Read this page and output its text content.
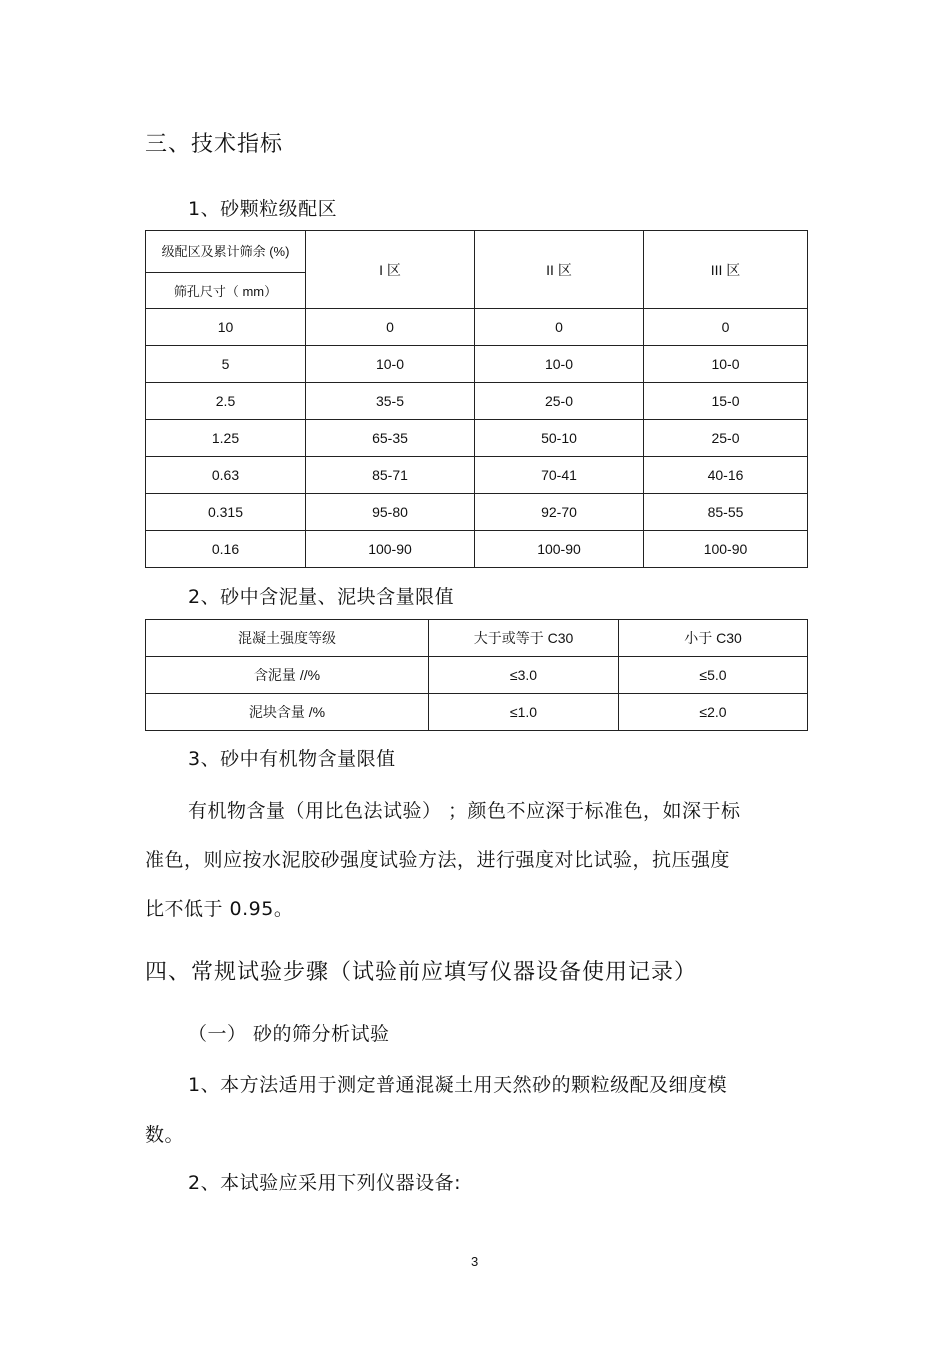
三、技术指标
1、砂颗粒级配区
级配区及累计筛余 (%)	I 区	II 区	III 区
筛孔尺寸（ mm）			
10	0	0	0
5	10-0	10-0	10-0
2.5	35-5	25-0	15-0
1.25	65-35	50-10	25-0
0.63	85-71	70-41	40-16
0.315	95-80	92-70	85-55
0.16	100-90	100-90	100-90
2、砂中含泥量、泥块含量限值
混凝土强度等级	大于或等于 C30	小于 C30
含泥量 //%	≤3.0	≤5.0
泥块含量 /%	≤1.0	≤2.0
3、砂中有机物含量限值
有机物含量（用比色法试验） ；颜色不应深于标准色，如深于标
准色，则应按水泥胶砂强度试验方法，进行强度对比试验，抗压强度
比不低于 0.95。
四、常规试验步骤（试验前应填写仪器设备使用记录）
（一） 砂的筛分析试验
1、本方法适用于测定普通混凝土用天然砂的颗粒级配及细度模
数。
2、本试验应采用下列仪器设备:
3
